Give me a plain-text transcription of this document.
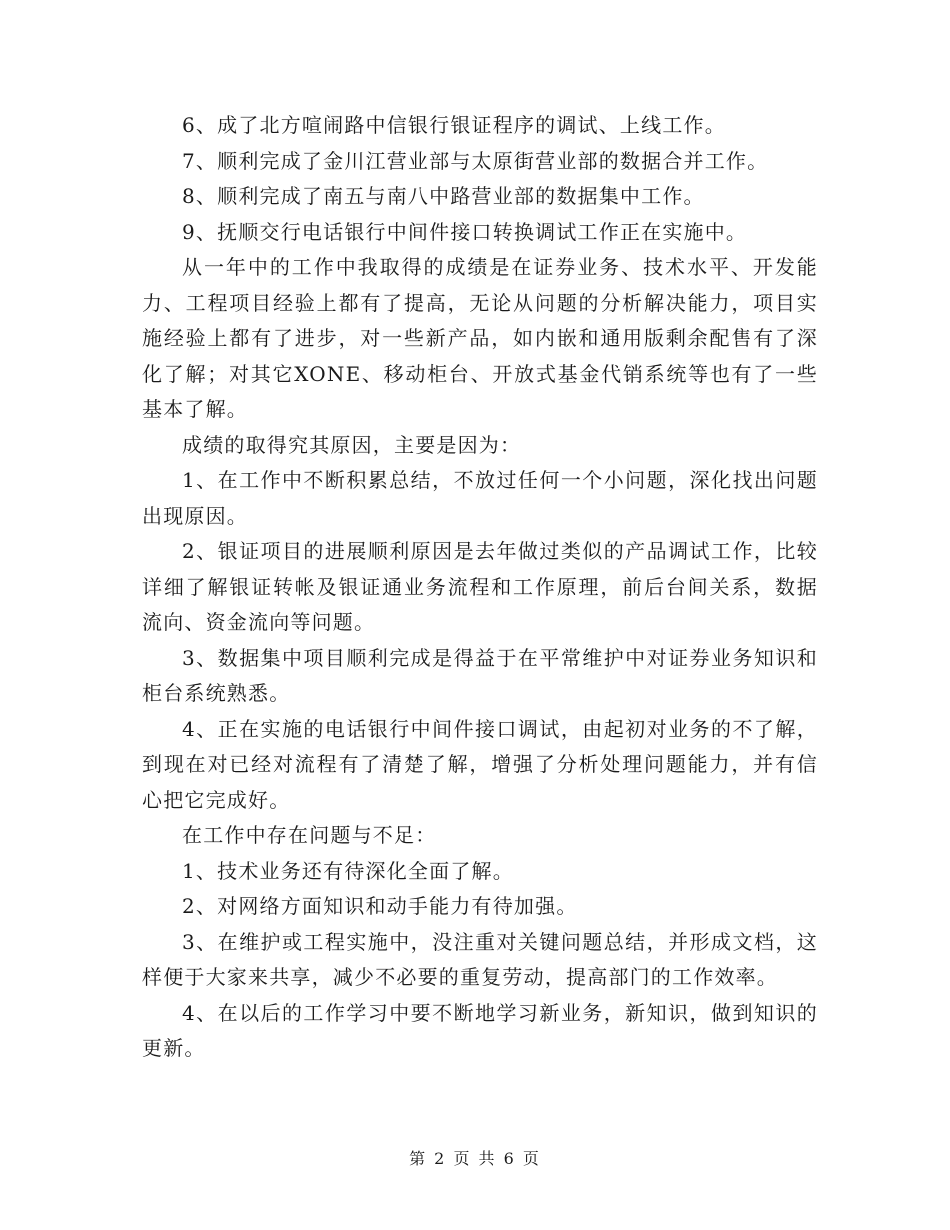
6、成了北方喧闹路中信银行银证程序的调试、上线工作。

7、顺利完成了金川江营业部与太原街营业部的数据合并工作。

8、顺利完成了南五与南八中路营业部的数据集中工作。

9、抚顺交行电话银行中间件接口转换调试工作正在实施中。

从一年中的工作中我取得的成绩是在证券业务、技术水平、开发能力、工程项目经验上都有了提高，无论从问题的分析解决能力，项目实施经验上都有了进步，对一些新产品，如内嵌和通用版剩余配售有了深化了解；对其它XONE、移动柜台、开放式基金代销系统等也有了一些基本了解。

成绩的取得究其原因，主要是因为：

1、在工作中不断积累总结，不放过任何一个小问题，深化找出问题出现原因。

2、银证项目的进展顺利原因是去年做过类似的产品调试工作，比较详细了解银证转帐及银证通业务流程和工作原理，前后台间关系，数据流向、资金流向等问题。

3、数据集中项目顺利完成是得益于在平常维护中对证券业务知识和柜台系统熟悉。

4、正在实施的电话银行中间件接口调试，由起初对业务的不了解，到现在对已经对流程有了清楚了解，增强了分析处理问题能力，并有信心把它完成好。

在工作中存在问题与不足：

1、技术业务还有待深化全面了解。

2、对网络方面知识和动手能力有待加强。

3、在维护或工程实施中，没注重对关键问题总结，并形成文档，这样便于大家来共享，减少不必要的重复劳动，提高部门的工作效率。

4、在以后的工作学习中要不断地学习新业务，新知识，做到知识的更新。

第 2 页 共 6 页
